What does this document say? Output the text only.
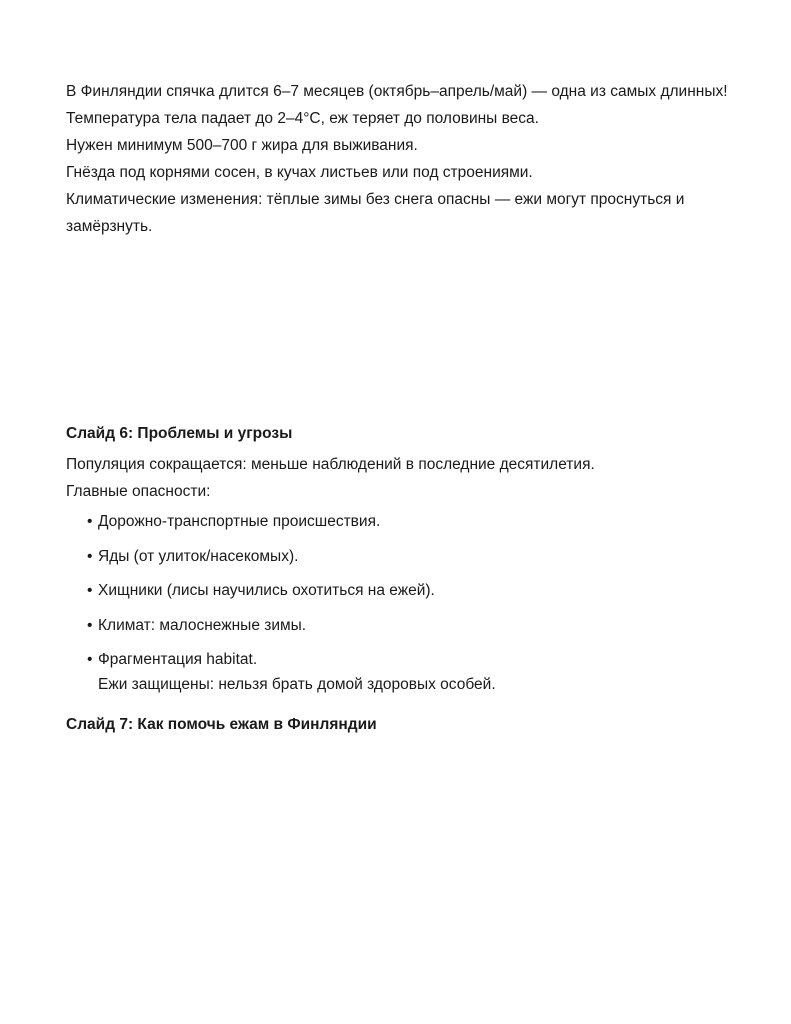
В Финляндии спячка длится 6–7 месяцев (октябрь–апрель/май) — одна из самых длинных!

Температура тела падает до 2–4°C, еж теряет до половины веса.

Нужен минимум 500–700 г жира для выживания.

Гнёзда под корнями сосен, в кучах листьев или под строениями.

Климатические изменения: тёплые зимы без снега опасны — ежи могут проснуться и замёрзнуть.

Слайд 6: Проблемы и угрозы

Популяция сокращается: меньше наблюдений в последние десятилетия.

Главные опасности:

• Дорожно-транспортные происшествия.
• Яды (от улиток/насекомых).
• Хищники (лисы научились охотиться на ежей).
• Климат: малоснежные зимы.
• Фрагментация habitat.

Ежи защищены: нельзя брать домой здоровых особей.

Слайд 7: Как помочь ежам в Финляндии
